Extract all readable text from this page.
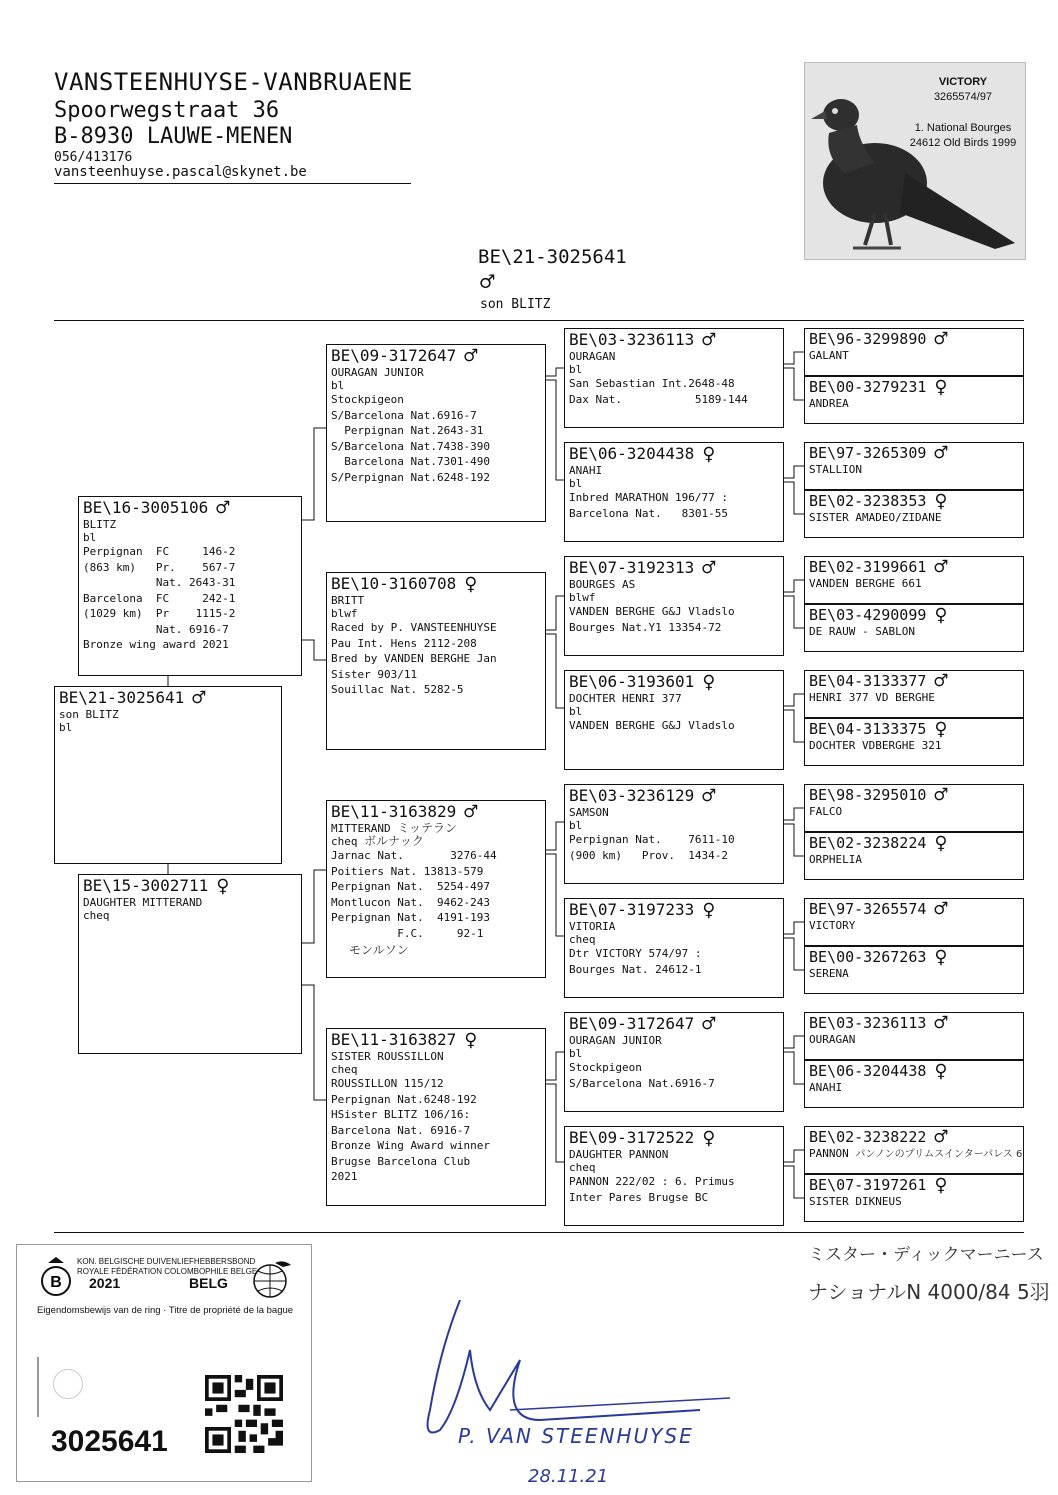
VANSTEENHUYSE-VANBRUAENE
Spoorwegstraat 36
B-8930 LAUWE-MENEN
056/413176
vansteenhuyse.pascal@skynet.be
VICTORY
3265574/97
1. National Bourges
24612 Old Birds 1999
BE\21-3025641
♂
son BLITZ
BE\21-3025641 ♂
son BLITZ
bl
BE\16-3005106 ♂
BLITZ
bl
Perpignan  FC     146-2
(863 km)   Pr.    567-7
Nat. 2643-31
Barcelona  FC     242-1
(1029 km)  Pr    1115-2
Nat. 6916-7
Bronze wing award 2021
BE\15-3002711 ♀
DAUGHTER MITTERAND
cheq
BE\09-3172647 ♂
OURAGAN JUNIOR
bl
Stockpigeon
S/Barcelona Nat.6916-7
Perpignan Nat.2643-31
S/Barcelona Nat.7438-390
Barcelona Nat.7301-490
S/Perpignan Nat.6248-192
BE\10-3160708 ♀
BRITT
blwf
Raced by P. VANSTEENHUYSE
Pau Int. Hens 2112-208
Bred by VANDEN BERGHE Jan
Sister 903/11
Souillac Nat. 5282-5
BE\11-3163829 ♂
MITTERAND ミッテラン
cheq ボルナック
Jarnac Nat.       3276-44
Poitiers Nat. 13813-579
Perpignan Nat.  5254-497
Montlucon Nat.  9462-243
Perpignan Nat.  4191-193
F.C.     92-1
モンルソン
BE\11-3163827 ♀
SISTER ROUSSILLON
cheq
ROUSSILLON 115/12
Perpignan Nat.6248-192
HSister BLITZ 106/16:
Barcelona Nat. 6916-7
Bronze Wing Award winner
Brugse Barcelona Club
2021
BE\03-3236113 ♂
OURAGAN
bl
San Sebastian Int.2648-48
Dax Nat.           5189-144
BE\06-3204438 ♀
ANAHI
bl
Inbred MARATHON 196/77 :
Barcelona Nat.   8301-55
BE\07-3192313 ♂
BOURGES AS
blwf
VANDEN BERGHE G&J Vladslo
Bourges Nat.Y1 13354-72
BE\06-3193601 ♀
DOCHTER HENRI 377
bl
VANDEN BERGHE G&J Vladslo
BE\03-3236129 ♂
SAMSON
bl
Perpignan Nat.    7611-10
(900 km)   Prov.  1434-2
BE\07-3197233 ♀
VITORIA
cheq
Dtr VICTORY 574/97 :
Bourges Nat. 24612-1
BE\09-3172647 ♂
OURAGAN JUNIOR
bl
Stockpigeon
S/Barcelona Nat.6916-7
BE\09-3172522 ♀
DAUGHTER PANNON
cheq
PANNON 222/02 : 6. Primus
Inter Pares Brugse BC
BE\96-3299890 ♂
GALANT
BE\00-3279231 ♀
ANDREA
BE\97-3265309 ♂
STALLION
BE\02-3238353 ♀
SISTER AMADEO/ZIDANE
BE\02-3199661 ♂
VANDEN BERGHE 661
BE\03-4290099 ♀
DE RAUW - SABLON
BE\04-3133377 ♂
HENRI 377 VD BERGHE
BE\04-3133375 ♀
DOCHTER VDBERGHE 321
BE\98-3295010 ♂
FALCO
BE\02-3238224 ♀
ORPHELIA
BE\97-3265574 ♂
VICTORY
BE\00-3267263 ♀
SERENA
BE\03-3236113 ♂
OURAGAN
BE\06-3204438 ♀
ANAHI
BE\02-3238222 ♂
PANNON パンノンのプリムスインターパレス 6
BE\07-3197261 ♀
SISTER DIKNEUS
B
KON. BELGISCHE DUIVENLIEFHEBBERSBOND
ROYALE FÉDÉRATION COLOMBOPHILE BELGE
2021	BELG
Eigendomsbewijs van de ring · Titre de propriété de la bague
3025641
ミスター・ディックマーニース
ナショナルN 4000/84 5羽
P. VAN STEENHUYSE
28.11.21
